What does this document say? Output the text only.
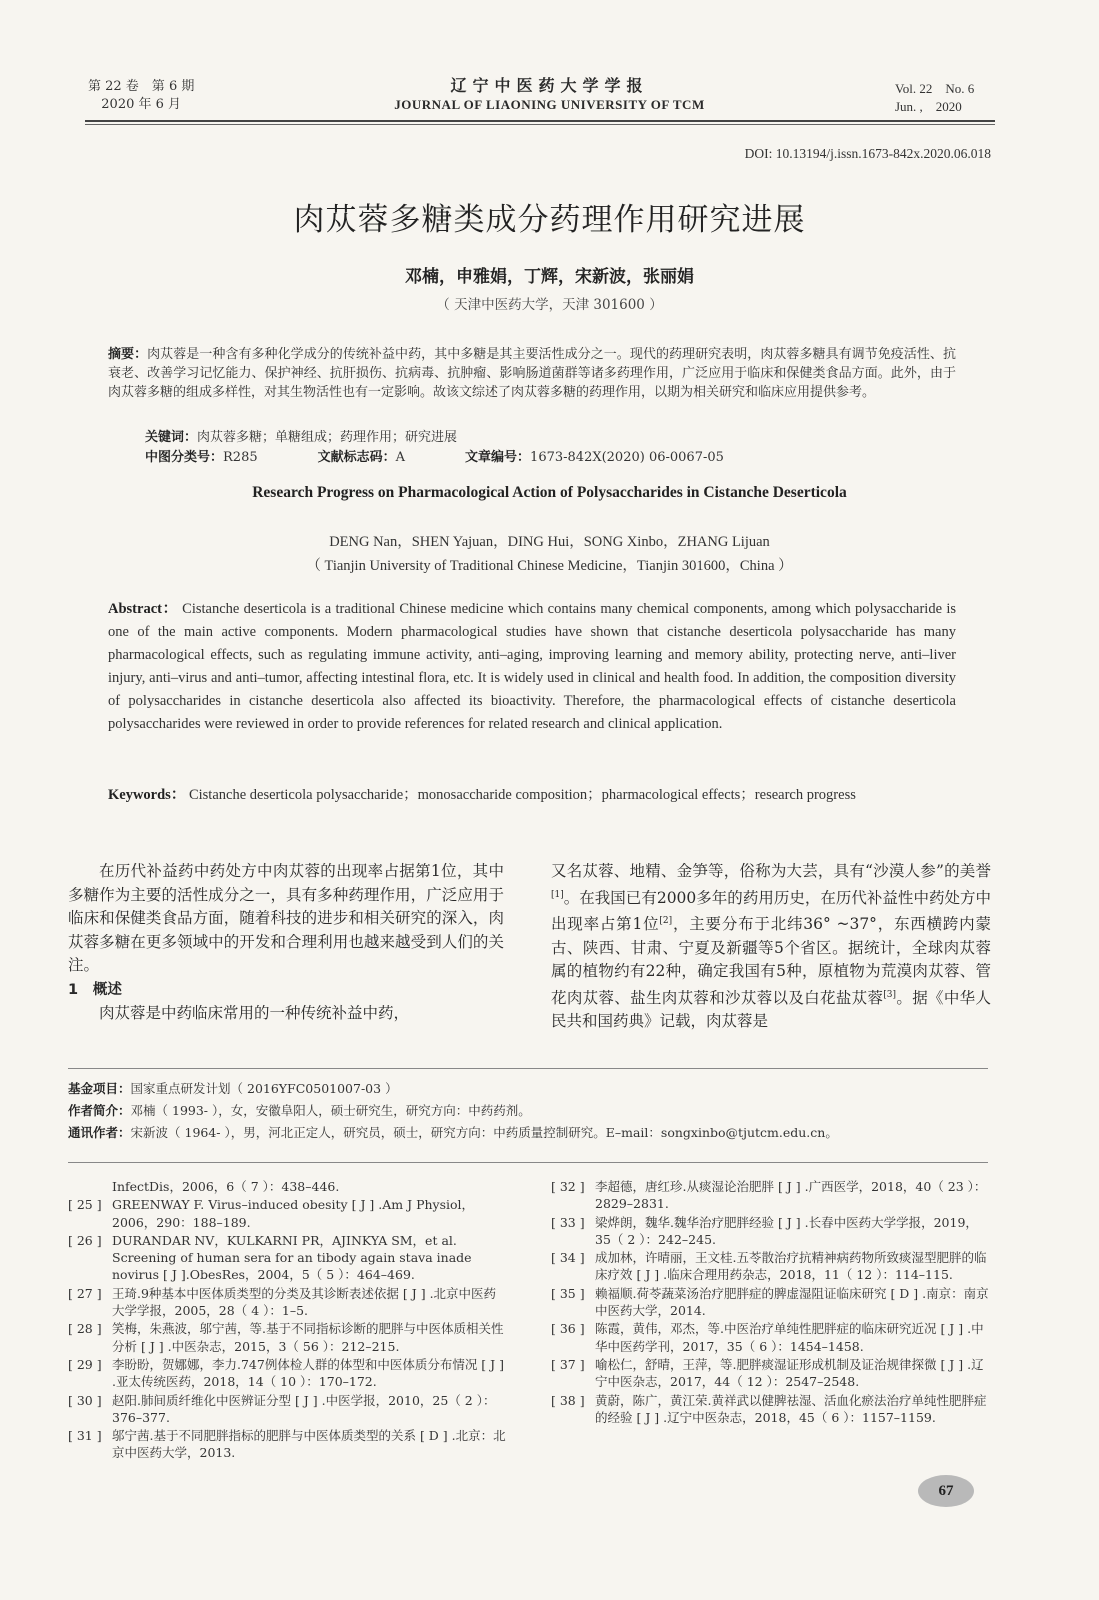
第 22 卷　第 6 期
2020 年 6 月
辽宁中医药大学学报
JOURNAL OF LIAONING UNIVERSITY OF TCM
Vol. 22　No. 6
Jun. ,　2020
DOI: 10.13194/j.issn.1673-842x.2020.06.018
肉苁蓉多糖类成分药理作用研究进展
邓楠，申雅娟，丁辉，宋新波，张丽娟
（ 天津中医药大学，天津 301600 ）
摘要：肉苁蓉是一种含有多种化学成分的传统补益中药，其中多糖是其主要活性成分之一。现代的药理研究表明，肉苁蓉多糖具有调节免疫活性、抗衰老、改善学习记忆能力、保护神经、抗肝损伤、抗病毒、抗肿瘤、影响肠道菌群等诸多药理作用，广泛应用于临床和保健类食品方面。此外，由于肉苁蓉多糖的组成多样性，对其生物活性也有一定影响。故该文综述了肉苁蓉多糖的药理作用，以期为相关研究和临床应用提供参考。
关键词：肉苁蓉多糖；单糖组成；药理作用；研究进展
中图分类号：R285	文献标志码：A	文章编号：1673-842X(2020) 06-0067-05
Research Progress on Pharmacological Action of Polysaccharides in Cistanche Deserticola
DENG Nan，SHEN Yajuan，DING Hui，SONG Xinbo，ZHANG Lijuan
（ Tianjin University of Traditional Chinese Medicine，Tianjin 301600，China ）
Abstract： Cistanche deserticola is a traditional Chinese medicine which contains many chemical components, among which polysaccharide is one of the main active components. Modern pharmacological studies have shown that cistanche deserticola polysaccharide has many pharmacological effects, such as regulating immune activity, anti–aging, improving learning and memory ability, protecting nerve, anti–liver injury, anti–virus and anti–tumor, affecting intestinal flora, etc. It is widely used in clinical and health food. In addition, the composition diversity of polysaccharides in cistanche deserticola also affected its bioactivity. Therefore, the pharmacological effects of cistanche deserticola polysaccharides were reviewed in order to provide references for related research and clinical application.
Keywords： Cistanche deserticola polysaccharide；monosaccharide composition；pharmacological effects；research progress
在历代补益药中药处方中肉苁蓉的出现率占据第1位，其中多糖作为主要的活性成分之一，具有多种药理作用，广泛应用于临床和保健类食品方面，随着科技的进步和相关研究的深入，肉苁蓉多糖在更多领域中的开发和合理利用也越来越受到人们的关注。
1 概述
肉苁蓉是中药临床常用的一种传统补益中药，
又名苁蓉、地精、金笋等，俗称为大芸，具有“沙漠人参”的美誉[1]。在我国已有2000多年的药用历史，在历代补益性中药处方中出现率占第1位[2]，主要分布于北纬36° ~37°，东西横跨内蒙古、陕西、甘肃、宁夏及新疆等5个省区。据统计，全球肉苁蓉属的植物约有22种，确定我国有5种，原植物为荒漠肉苁蓉、管花肉苁蓉、盐生肉苁蓉和沙苁蓉以及白花盐苁蓉[3]。据《中华人民共和国药典》记载，肉苁蓉是
基金项目：国家重点研发计划（ 2016YFC0501007-03 ）
作者简介：邓楠（ 1993- ），女，安徽阜阳人，硕士研究生，研究方向：中药药剂。
通讯作者：宋新波（ 1964- ），男，河北正定人，研究员，硕士，研究方向：中药质量控制研究。E–mail：songxinbo@tjutcm.edu.cn。
InfectDis，2006，6（ 7 ）：438–446.
[ 25 ] GREENWAY F. Virus–induced obesity [ J ] .Am J Physiol，2006，290：188–189.
[ 26 ] DURANDAR NV，KULKARNI PR，AJINKYA SM，et al. Screening of human sera for an tibody again stava inade novirus [ J ].ObesRes，2004，5（ 5 ）：464–469.
[ 27 ] 王琦.9种基本中医体质类型的分类及其诊断表述依据 [ J ] .北京中医药大学学报，2005，28（ 4 ）：1–5.
[ 28 ] 笑梅，朱燕波，邬宁茜，等.基于不同指标诊断的肥胖与中医体质相关性分析 [ J ] .中医杂志，2015，3（ 56 ）：212–215.
[ 29 ] 李盼盼，贺娜娜，李力.747例体检人群的体型和中医体质分布情况 [ J ] .亚太传统医药，2018，14（ 10 ）：170–172.
[ 30 ] 赵阳.肺间质纤维化中医辨证分型 [ J ] .中医学报，2010，25（ 2 ）：376–377.
[ 31 ] 邬宁茜.基于不同肥胖指标的肥胖与中医体质类型的关系 [ D ] .北京：北京中医药大学，2013.
[ 32 ] 李超德，唐红珍.从痰湿论治肥胖 [ J ] .广西医学，2018，40（ 23 ）：2829–2831.
[ 33 ] 梁烨朗，魏华.魏华治疗肥胖经验 [ J ] .长春中医药大学学报，2019，35（ 2 ）：242–245.
[ 34 ] 成加林，许晴丽，王文桂.五苓散治疗抗精神病药物所致痰湿型肥胖的临床疗效 [ J ] .临床合理用药杂志，2018，11（ 12 ）：114–115.
[ 35 ] 赖福顺.荷苓蔬菜汤治疗肥胖症的脾虚湿阻证临床研究 [ D ] .南京：南京中医药大学，2014.
[ 36 ] 陈霞，黄伟，邓杰，等.中医治疗单纯性肥胖症的临床研究近况 [ J ] .中华中医药学刊，2017，35（ 6 ）：1454–1458.
[ 37 ] 喻松仁，舒晴，王萍，等.肥胖痰湿证形成机制及证治规律探微 [ J ] .辽宁中医杂志，2017，44（ 12 ）：2547–2548.
[ 38 ] 黄蔚，陈广，黄江荣.黄祥武以健脾祛湿、活血化瘀法治疗单纯性肥胖症的经验 [ J ] .辽宁中医杂志，2018，45（ 6 ）：1157–1159.
67
